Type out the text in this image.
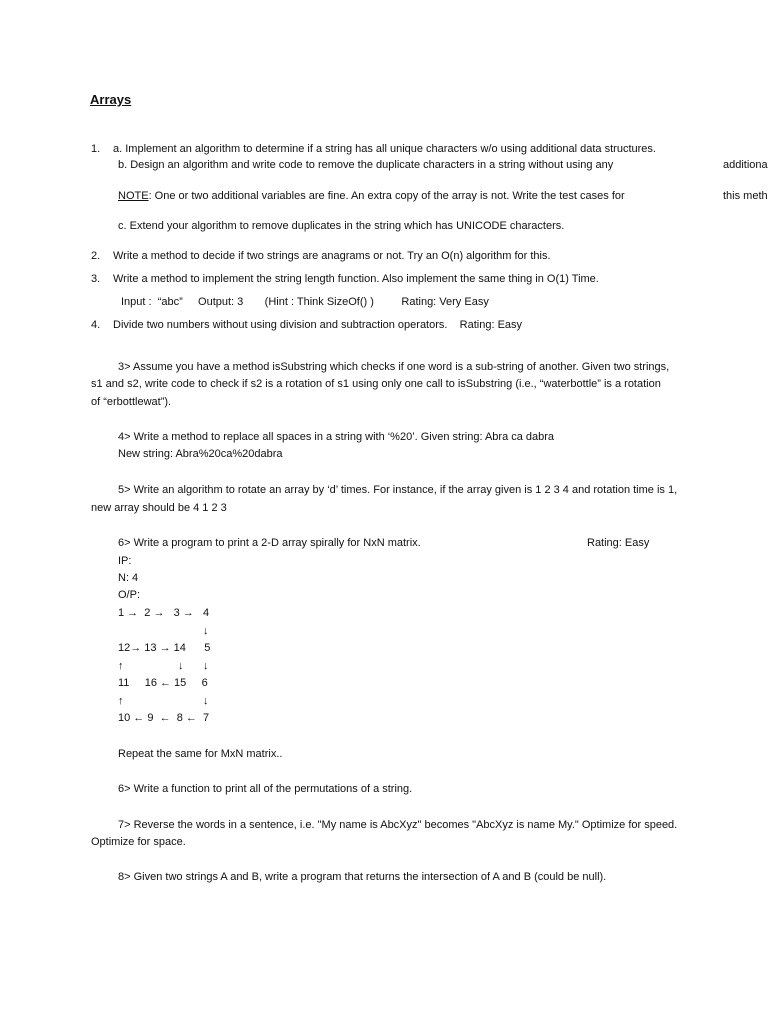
Arrays
1. a. Implement an algorithm to determine if a string has all unique characters w/o using additional data structures.
b. Design an algorithm and write code to remove the duplicate characters in a string without using any	additiona
NOTE: One or two additional variables are fine. An extra copy of the array is not. Write the test cases for	this meth
c. Extend your algorithm to remove duplicates in the string which has UNICODE characters.
2. Write a method to decide if two strings are anagrams or not. Try an O(n) algorithm for this.
3. Write a method to implement the string length function. Also implement the same thing in O(1) Time.
Input :  “abc”     Output: 3       (Hint : Think SizeOf() )         Rating: Very Easy
4. Divide two numbers without using division and subtraction operators.    Rating: Easy
3> Assume you have a method isSubstring which checks if one word is a sub-string of another. Given two strings,
s1 and s2, write code to check if s2 is a rotation of s1 using only one call to isSubstring (i.e., “waterbottle” is a rotation
of “erbottlewat”).
4> Write a method to replace all spaces in a string with ‘%20’. Given string: Abra ca dabra
New string: Abra%20ca%20dabra
5> Write an algorithm to rotate an array by ‘d’ times. For instance, if the array given is 1 2 3 4 and rotation time is 1,
new array should be 4 1 2 3
6> Write a program to print a 2-D array spirally for NxN matrix.	Rating: Easy
IP:
N: 4
O/P:
1 →  2 →   3 →   4
↓
12→ 13 → 14      5
↑	↓ ↓
11     16 ← 15     6
↑	↓
10 ← 9  ←  8 ←  7
Repeat the same for MxN matrix..
6> Write a function to print all of the permutations of a string.
7> Reverse the words in a sentence, i.e. "My name is AbcXyz" becomes "AbcXyz is name My." Optimize for speed.
Optimize for space.
8> Given two strings A and B, write a program that returns the intersection of A and B (could be null).
